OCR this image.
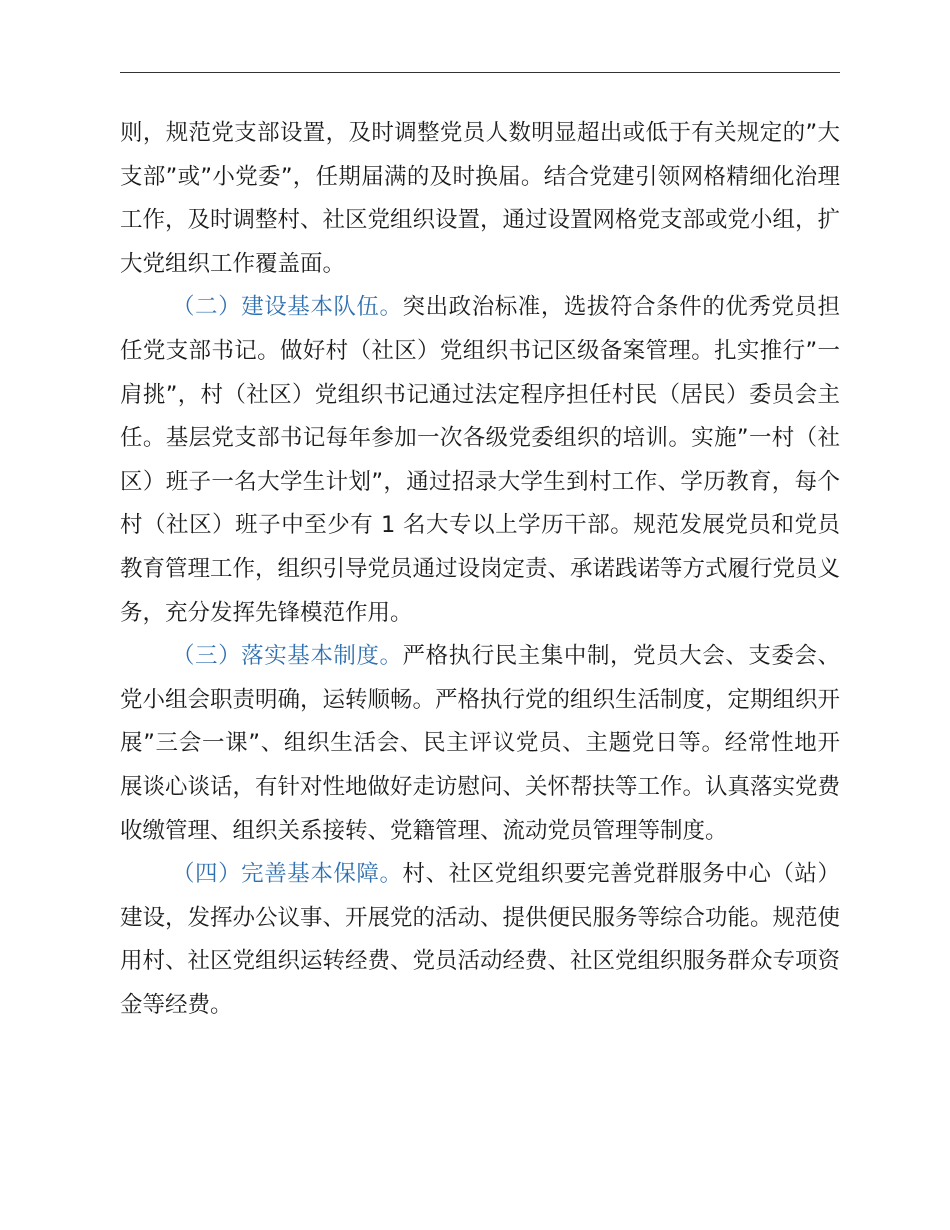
则，规范党支部设置，及时调整党员人数明显超出或低于有关规定的”大支部”或”小党委”，任期届满的及时换届。结合党建引领网格精细化治理工作，及时调整村、社区党组织设置，通过设置网格党支部或党小组，扩大党组织工作覆盖面。

（二）建设基本队伍。突出政治标准，选拔符合条件的优秀党员担任党支部书记。做好村（社区）党组织书记区级备案管理。扎实推行”一肩挑”，村（社区）党组织书记通过法定程序担任村民（居民）委员会主任。基层党支部书记每年参加一次各级党委组织的培训。实施”一村（社区）班子一名大学生计划”，通过招录大学生到村工作、学历教育，每个村（社区）班子中至少有 1 名大专以上学历干部。规范发展党员和党员教育管理工作，组织引导党员通过设岗定责、承诺践诺等方式履行党员义务，充分发挥先锋模范作用。

（三）落实基本制度。严格执行民主集中制，党员大会、支委会、党小组会职责明确，运转顺畅。严格执行党的组织生活制度，定期组织开展”三会一课”、组织生活会、民主评议党员、主题党日等。经常性地开展谈心谈话，有针对性地做好走访慰问、关怀帮扶等工作。认真落实党费收缴管理、组织关系接转、党籍管理、流动党员管理等制度。

（四）完善基本保障。村、社区党组织要完善党群服务中心（站）建设，发挥办公议事、开展党的活动、提供便民服务等综合功能。规范使用村、社区党组织运转经费、党员活动经费、社区党组织服务群众专项资金等经费。
